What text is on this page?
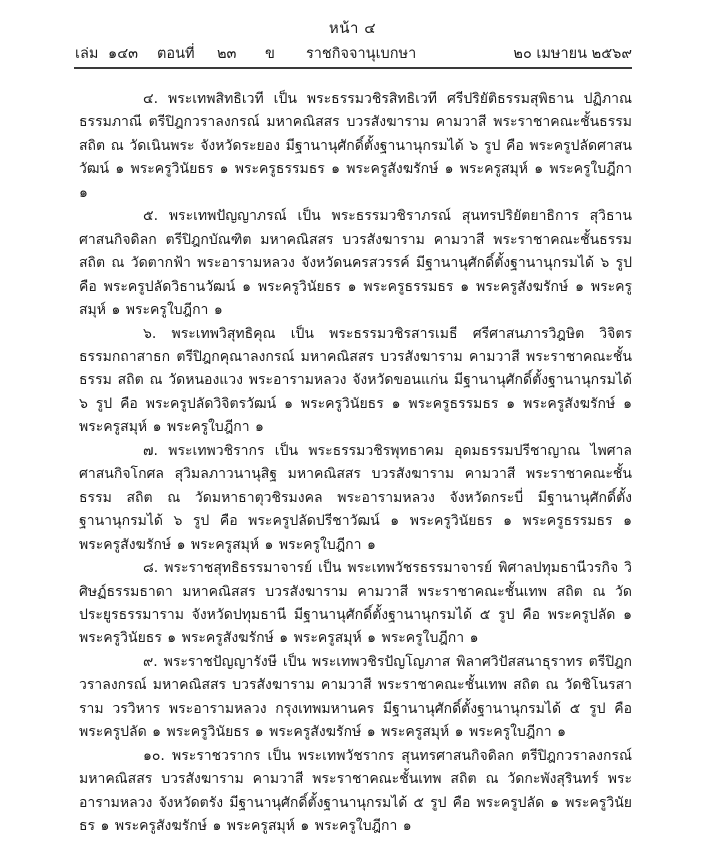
หน้า ๔
เล่ม ๑๔๓ ตอนที่ ๒๓ ข ราชกิจจานุเบกษา	๒๐ เมษายน ๒๕๖๙

๔. พระเทพสิทธิเวที เป็น พระธรรมวชิรสิทธิเวที ศรีปริยัติธรรมสุพิธาน ปฏิภาณธรรมภาณี ตรีปิฎกวราลงกรณ์ มหาคณิสสร บวรสังฆาราม คามวาสี พระราชาคณะชั้นธรรม สถิต ณ วัดเนินพระ จังหวัดระยอง มีฐานานุศักดิ์ตั้งฐานานุกรมได้ ๖ รูป คือ พระครูปลัดศาสนวัฒน์ ๑ พระครูวินัยธร ๑ พระครูธรรมธร ๑ พระครูสังฆรักษ์ ๑ พระครูสมุห์ ๑ พระครูใบฎีกา ๑

๕. พระเทพปัญญาภรณ์ เป็น พระธรรมวชิราภรณ์ สุนทรปริยัตยาธิการ สุวิธานศาสนกิจดิลก ตรีปิฎกบัณฑิต มหาคณิสสร บวรสังฆาราม คามวาสี พระราชาคณะชั้นธรรม สถิต ณ วัดตากฟ้า พระอารามหลวง จังหวัดนครสวรรค์ มีฐานานุศักดิ์ตั้งฐานานุกรมได้ ๖ รูป คือ พระครูปลัดวิธานวัฒน์ ๑ พระครูวินัยธร ๑ พระครูธรรมธร ๑ พระครูสังฆรักษ์ ๑ พระครูสมุห์ ๑ พระครูใบฎีกา ๑

๖. พระเทพวิสุทธิคุณ เป็น พระธรรมวชิรสารเมธี ศรีศาสนภารวิฎษิต วิจิตรธรรมกถาสาธก ตรีปิฎกคุณาลงกรณ์ มหาคณิสสร บวรสังฆาราม คามวาสี พระราชาคณะชั้นธรรม สถิต ณ วัดหนองแวง พระอารามหลวง จังหวัดขอนแก่น มีฐานานุศักดิ์ตั้งฐานานุกรมได้ ๖ รูป คือ พระครูปลัดวิจิตรวัฒน์ ๑ พระครูวินัยธร ๑ พระครูธรรมธร ๑ พระครูสังฆรักษ์ ๑ พระครูสมุห์ ๑ พระครูใบฎีกา ๑

๗. พระเทพวชิรากร เป็น พระธรรมวชิรพุทธาคม อุดมธรรมปรีชาญาณ ไพศาลศาสนกิจโกศล สุวิมลภาวนานุสิฐ มหาคณิสสร บวรสังฆาราม คามวาสี พระราชาคณะชั้นธรรม สถิต ณ วัดมหาธาตุวชิรมงคล พระอารามหลวง จังหวัดกระบี่ มีฐานานุศักดิ์ตั้งฐานานุกรมได้ ๖ รูป คือ พระครูปลัดปรีชาวัฒน์ ๑ พระครูวินัยธร ๑ พระครูธรรมธร ๑ พระครูสังฆรักษ์ ๑ พระครูสมุห์ ๑ พระครูใบฎีกา ๑

๘. พระราชสุทธิธรรมาจารย์ เป็น พระเทพวัชรธรรมาจารย์ พิศาลปทุมธานีวรกิจ วิศิษฏ์ธรรมธาดา มหาคณิสสร บวรสังฆาราม คามวาสี พระราชาคณะชั้นเทพ สถิต ณ วัดประยูรธรรมาราม จังหวัดปทุมธานี มีฐานานุศักดิ์ตั้งฐานานุกรมได้ ๕ รูป คือ พระครูปลัด ๑ พระครูวินัยธร ๑ พระครูสังฆรักษ์ ๑ พระครูสมุห์ ๑ พระครูใบฎีกา ๑

๙. พระราชปัญญารังษี เป็น พระเทพวชิรปัญโญภาส พิลาศวิปัสสนาธุราทร ตรีปิฎกวราลงกรณ์ มหาคณิสสร บวรสังฆาราม คามวาสี พระราชาคณะชั้นเทพ สถิต ณ วัดชิโนรสาราม วรวิหาร พระอารามหลวง กรุงเทพมหานคร มีฐานานุศักดิ์ตั้งฐานานุกรมได้ ๕ รูป คือ พระครูปลัด ๑ พระครูวินัยธร ๑ พระครูสังฆรักษ์ ๑ พระครูสมุห์ ๑ พระครูใบฎีกา ๑

๑๐. พระราชวรากร เป็น พระเทพวัชรากร สุนทรศาสนกิจดิลก ตรีปิฎกวราลงกรณ์ มหาคณิสสร บวรสังฆาราม คามวาสี พระราชาคณะชั้นเทพ สถิต ณ วัดกะพังสุรินทร์ พระอารามหลวง จังหวัดตรัง มีฐานานุศักดิ์ตั้งฐานานุกรมได้ ๕ รูป คือ พระครูปลัด ๑ พระครูวินัยธร ๑ พระครูสังฆรักษ์ ๑ พระครูสมุห์ ๑ พระครูใบฎีกา ๑
